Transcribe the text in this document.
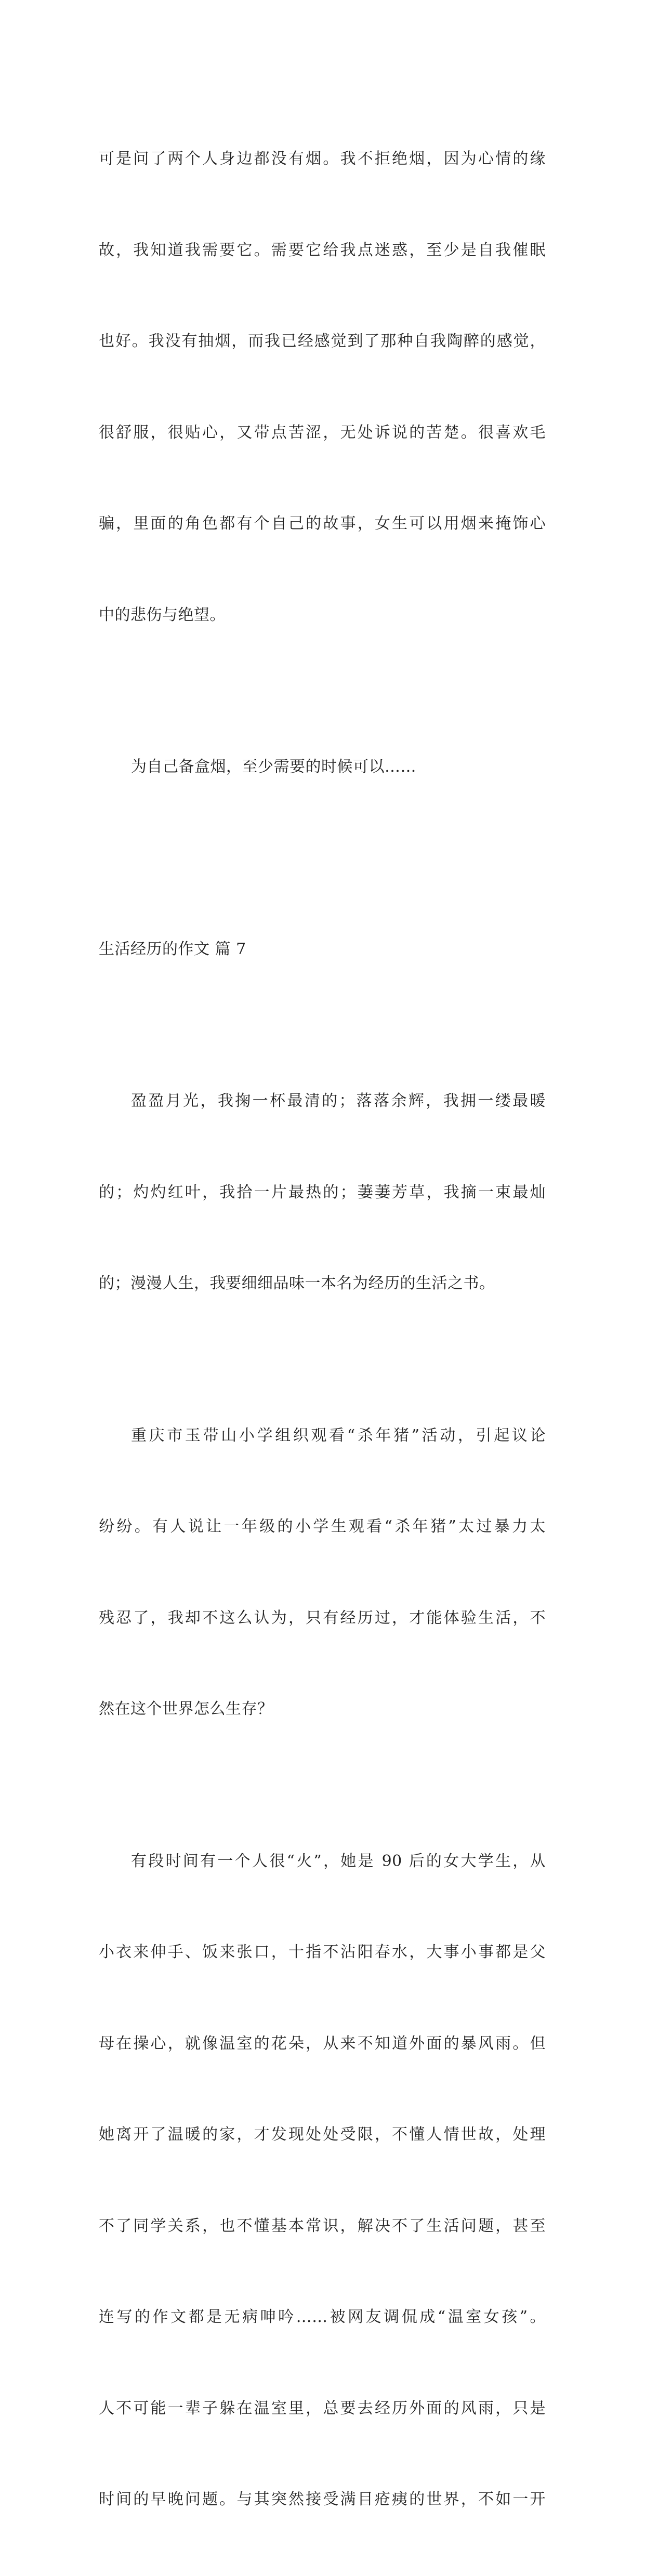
可是问了两个人身边都没有烟。我不拒绝烟，因为心情的缘

故，我知道我需要它。需要它给我点迷惑，至少是自我催眠

也好。我没有抽烟，而我已经感觉到了那种自我陶醉的感觉，

很舒服，很贴心，又带点苦涩，无处诉说的苦楚。很喜欢毛

骗，里面的角色都有个自己的故事，女生可以用烟来掩饰心

中的悲伤与绝望。

为自己备盒烟，至少需要的时候可以……

生活经历的作文 篇 7

盈盈月光，我掬一杯最清的；落落余辉，我拥一缕最暖

的；灼灼红叶，我拾一片最热的；萋萋芳草，我摘一束最灿

的；漫漫人生，我要细细品味一本名为经历的生活之书。

重庆市玉带山小学组织观看“杀年猪”活动，引起议论

纷纷。有人说让一年级的小学生观看“杀年猪”太过暴力太

残忍了，我却不这么认为，只有经历过，才能体验生活，不

然在这个世界怎么生存？

有段时间有一个人很“火”，她是 90 后的女大学生，从

小衣来伸手、饭来张口，十指不沾阳春水，大事小事都是父

母在操心，就像温室的花朵，从来不知道外面的暴风雨。但

她离开了温暖的家，才发现处处受限，不懂人情世故，处理

不了同学关系，也不懂基本常识，解决不了生活问题，甚至

连写的作文都是无病呻吟……被网友调侃成“温室女孩”。

人不可能一辈子躲在温室里，总要去经历外面的风雨，只是

时间的早晚问题。与其突然接受满目疮痍的世界，不如一开
